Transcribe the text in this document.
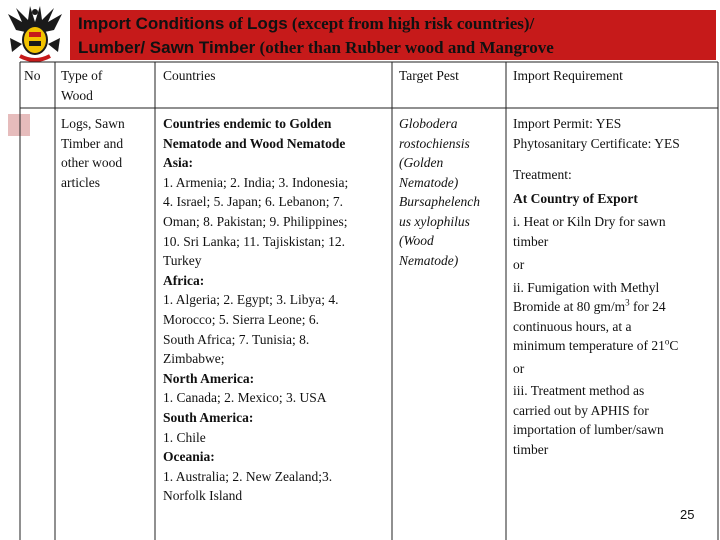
Import Conditions of Logs (except from high risk countries)/
Lumber/ Sawn Timber (other than Rubber wood and Mangrove
No Type of

Wood

Countries	Target Pest	Import Requirement

Logs, Sawn

Timber and

other wood

articles

Countries endemic to Golden

Nematode and Wood Nematode

Asia:

1. Armenia; 2. India; 3. Indonesia;

4. Israel; 5. Japan; 6. Lebanon; 7.

Oman; 8. Pakistan; 9. Philippines;

10. Sri Lanka; 11. Tajiskistan; 12.

Turkey

Africa:

1. Algeria; 2. Egypt; 3. Libya; 4.

Morocco; 5. Sierra Leone; 6.

South Africa; 7. Tunisia; 8.

Zimbabwe;

North America:

1. Canada; 2. Mexico; 3. USA

South America:

1. Chile

Oceania:

1. Australia; 2. New Zealand;3.

Norfolk Island

Globodera

rostochiensis

(Golden

Nematode)

Bursaphelench

us xylophilus

(Wood

Nematode)

Import Permit: YES

Phytosanitary Certificate: YES

Treatment:

At Country of Export

i. Heat or Kiln Dry for sawn

timber

or

ii. Fumigation with Methyl

Bromide at 80 $gm/m^3$ for 24

continuous hours, at a

minimum temperature of 21$^o$C

or

iii. Treatment method as

carried out by APHIS for

importation of lumber/sawn

timber

25
